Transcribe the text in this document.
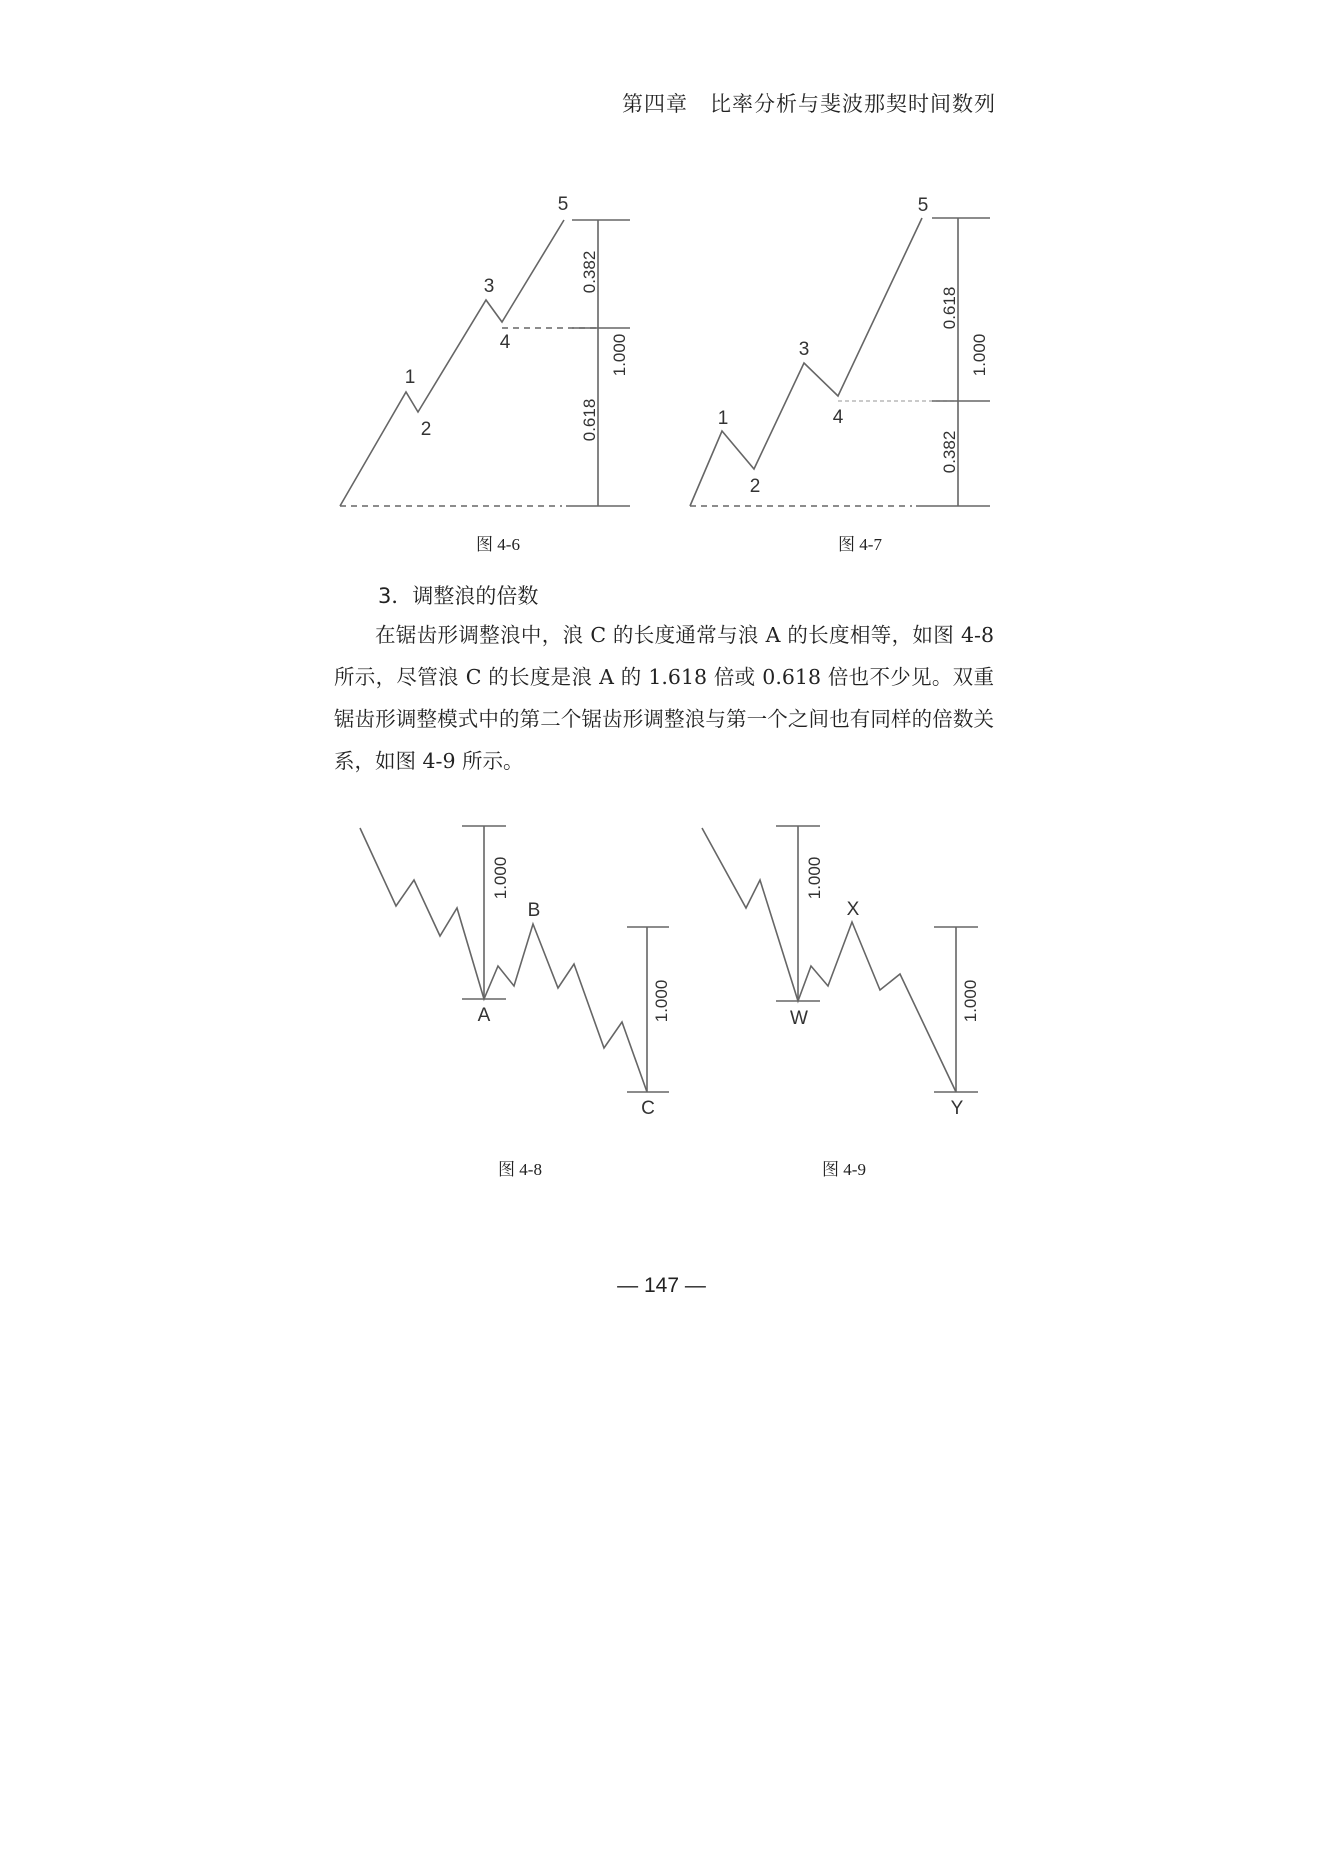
第四章　比率分析与斐波那契时间数列
1
2
3
4
5
0.382
1.000
0.618
图 4-6
1
2
3
4
5
0.618
1.000
0.382
图 4-7
3．调整浪的倍数

在锯齿形调整浪中，浪 C 的长度通常与浪 A 的长度相等，如图 4-8 所示，尽管浪 C 的长度是浪 A 的 1.618 倍或 0.618 倍也不少见。双重锯齿形调整模式中的第二个锯齿形调整浪与第一个之间也有同样的倍数关系，如图 4-9 所示。

A
B
C
1.000
1.000
图 4-8
W
X
Y
1.000
1.000
图 4-9
— 147 —
